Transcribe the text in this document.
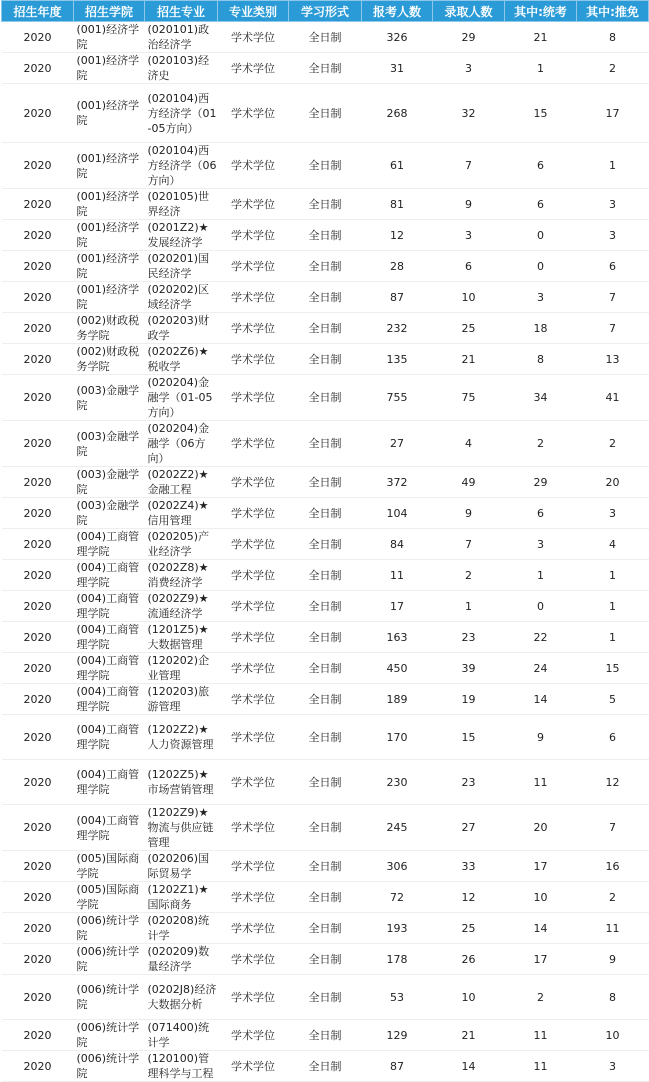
招生年度	招生学院	招生专业	专业类别	学习形式	报考人数	录取人数	其中:统考	其中:推免
2020	(001)经济学院	(020101)政治经济学	学术学位	全日制	326	29	21	8
2020	(001)经济学院	(020103)经济史	学术学位	全日制	31	3	1	2
2020	(001)经济学院	(020104)西方经济学（01-05方向）	学术学位	全日制	268	32	15	17
2020	(001)经济学院	(020104)西方经济学（06方向）	学术学位	全日制	61	7	6	1
2020	(001)经济学院	(020105)世界经济	学术学位	全日制	81	9	6	3
2020	(001)经济学院	(0201Z2)★发展经济学	学术学位	全日制	12	3	0	3
2020	(001)经济学院	(020201)国民经济学	学术学位	全日制	28	6	0	6
2020	(001)经济学院	(020202)区域经济学	学术学位	全日制	87	10	3	7
2020	(002)财政税务学院	(020203)财政学	学术学位	全日制	232	25	18	7
2020	(002)财政税务学院	(0202Z6)★税收学	学术学位	全日制	135	21	8	13
2020	(003)金融学院	(020204)金融学（01-05方向）	学术学位	全日制	755	75	34	41
2020	(003)金融学院	(020204)金融学（06方向）	学术学位	全日制	27	4	2	2
2020	(003)金融学院	(0202Z2)★金融工程	学术学位	全日制	372	49	29	20
2020	(003)金融学院	(0202Z4)★信用管理	学术学位	全日制	104	9	6	3
2020	(004)工商管理学院	(020205)产业经济学	学术学位	全日制	84	7	3	4
2020	(004)工商管理学院	(0202Z8)★消费经济学	学术学位	全日制	11	2	1	1
2020	(004)工商管理学院	(0202Z9)★流通经济学	学术学位	全日制	17	1	0	1
2020	(004)工商管理学院	(1201Z5)★大数据管理	学术学位	全日制	163	23	22	1
2020	(004)工商管理学院	(120202)企业管理	学术学位	全日制	450	39	24	15
2020	(004)工商管理学院	(120203)旅游管理	学术学位	全日制	189	19	14	5
2020	(004)工商管理学院	(1202Z2)★人力资源管理	学术学位	全日制	170	15	9	6
2020	(004)工商管理学院	(1202Z5)★市场营销管理	学术学位	全日制	230	23	11	12
2020	(004)工商管理学院	(1202Z9)★物流与供应链管理	学术学位	全日制	245	27	20	7
2020	(005)国际商学院	(020206)国际贸易学	学术学位	全日制	306	33	17	16
2020	(005)国际商学院	(1202Z1)★国际商务	学术学位	全日制	72	12	10	2
2020	(006)统计学院	(020208)统计学	学术学位	全日制	193	25	14	11
2020	(006)统计学院	(020209)数量经济学	学术学位	全日制	178	26	17	9
2020	(006)统计学院	(0202J8)经济大数据分析	学术学位	全日制	53	10	2	8
2020	(006)统计学院	(071400)统计学	学术学位	全日制	129	21	11	10
2020	(006)统计学院	(120100)管理科学与工程	学术学位	全日制	87	14	11	3
